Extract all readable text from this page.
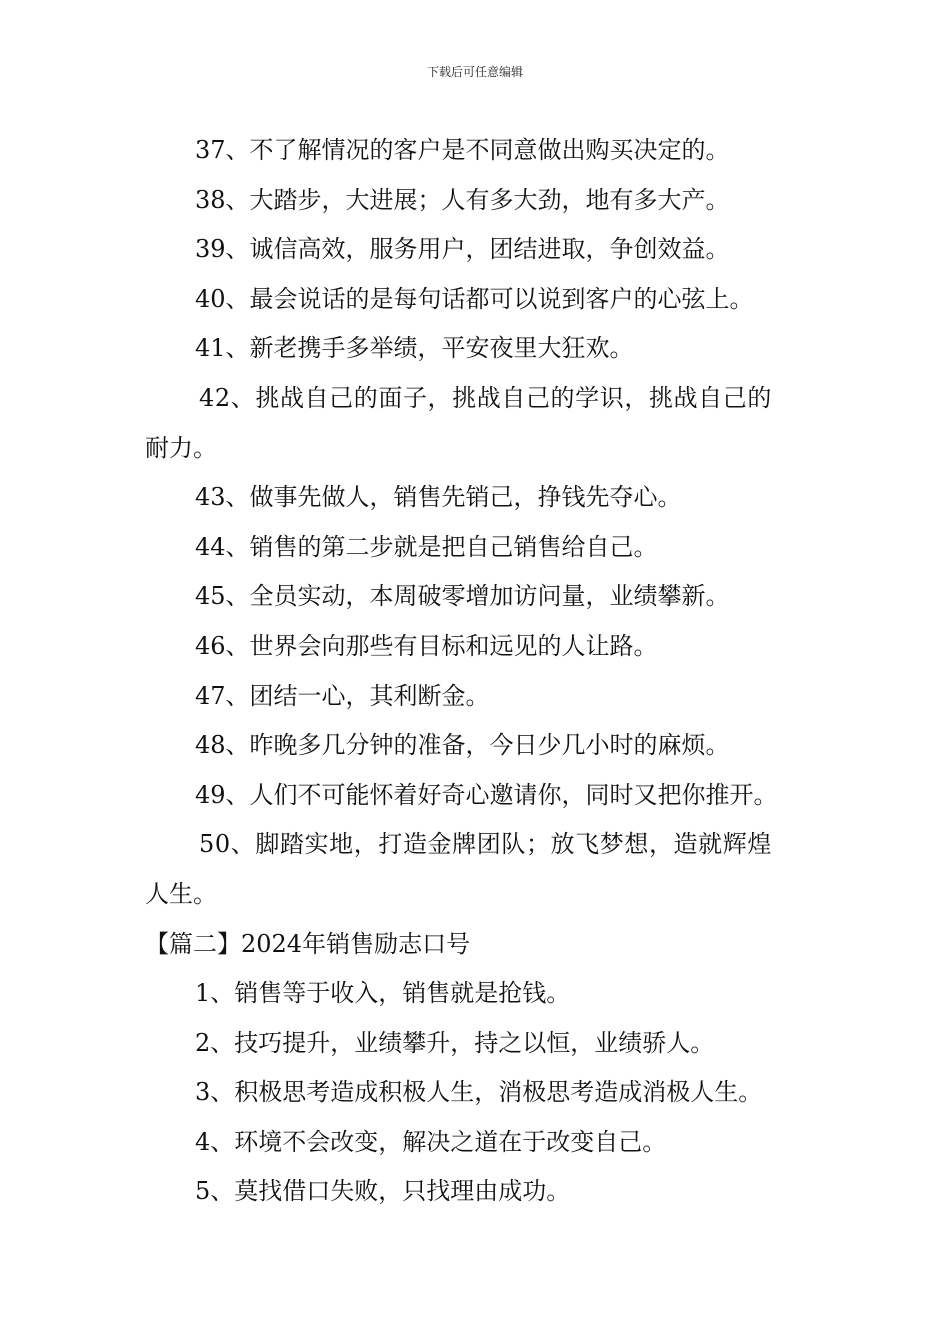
下载后可任意编辑
37、不了解情况的客户是不同意做出购买决定的。
38、大踏步，大进展；人有多大劲，地有多大产。
39、诚信高效，服务用户，团结进取，争创效益。
40、最会说话的是每句话都可以说到客户的心弦上。
41、新老携手多举绩，平安夜里大狂欢。
42、挑战自己的面子，挑战自己的学识，挑战自己的
耐力。
43、做事先做人，销售先销己，挣钱先夺心。
44、销售的第二步就是把自己销售给自己。
45、全员实动，本周破零增加访问量，业绩攀新。
46、世界会向那些有目标和远见的人让路。
47、团结一心，其利断金。
48、昨晚多几分钟的准备，今日少几小时的麻烦。
49、人们不可能怀着好奇心邀请你，同时又把你推开。
50、脚踏实地，打造金牌团队；放飞梦想，造就辉煌
人生。
【篇二】2024年销售励志口号
1、销售等于收入，销售就是抢钱。
2、技巧提升，业绩攀升，持之以恒，业绩骄人。
3、积极思考造成积极人生，消极思考造成消极人生。
4、环境不会改变，解决之道在于改变自己。
5、莫找借口失败，只找理由成功。
